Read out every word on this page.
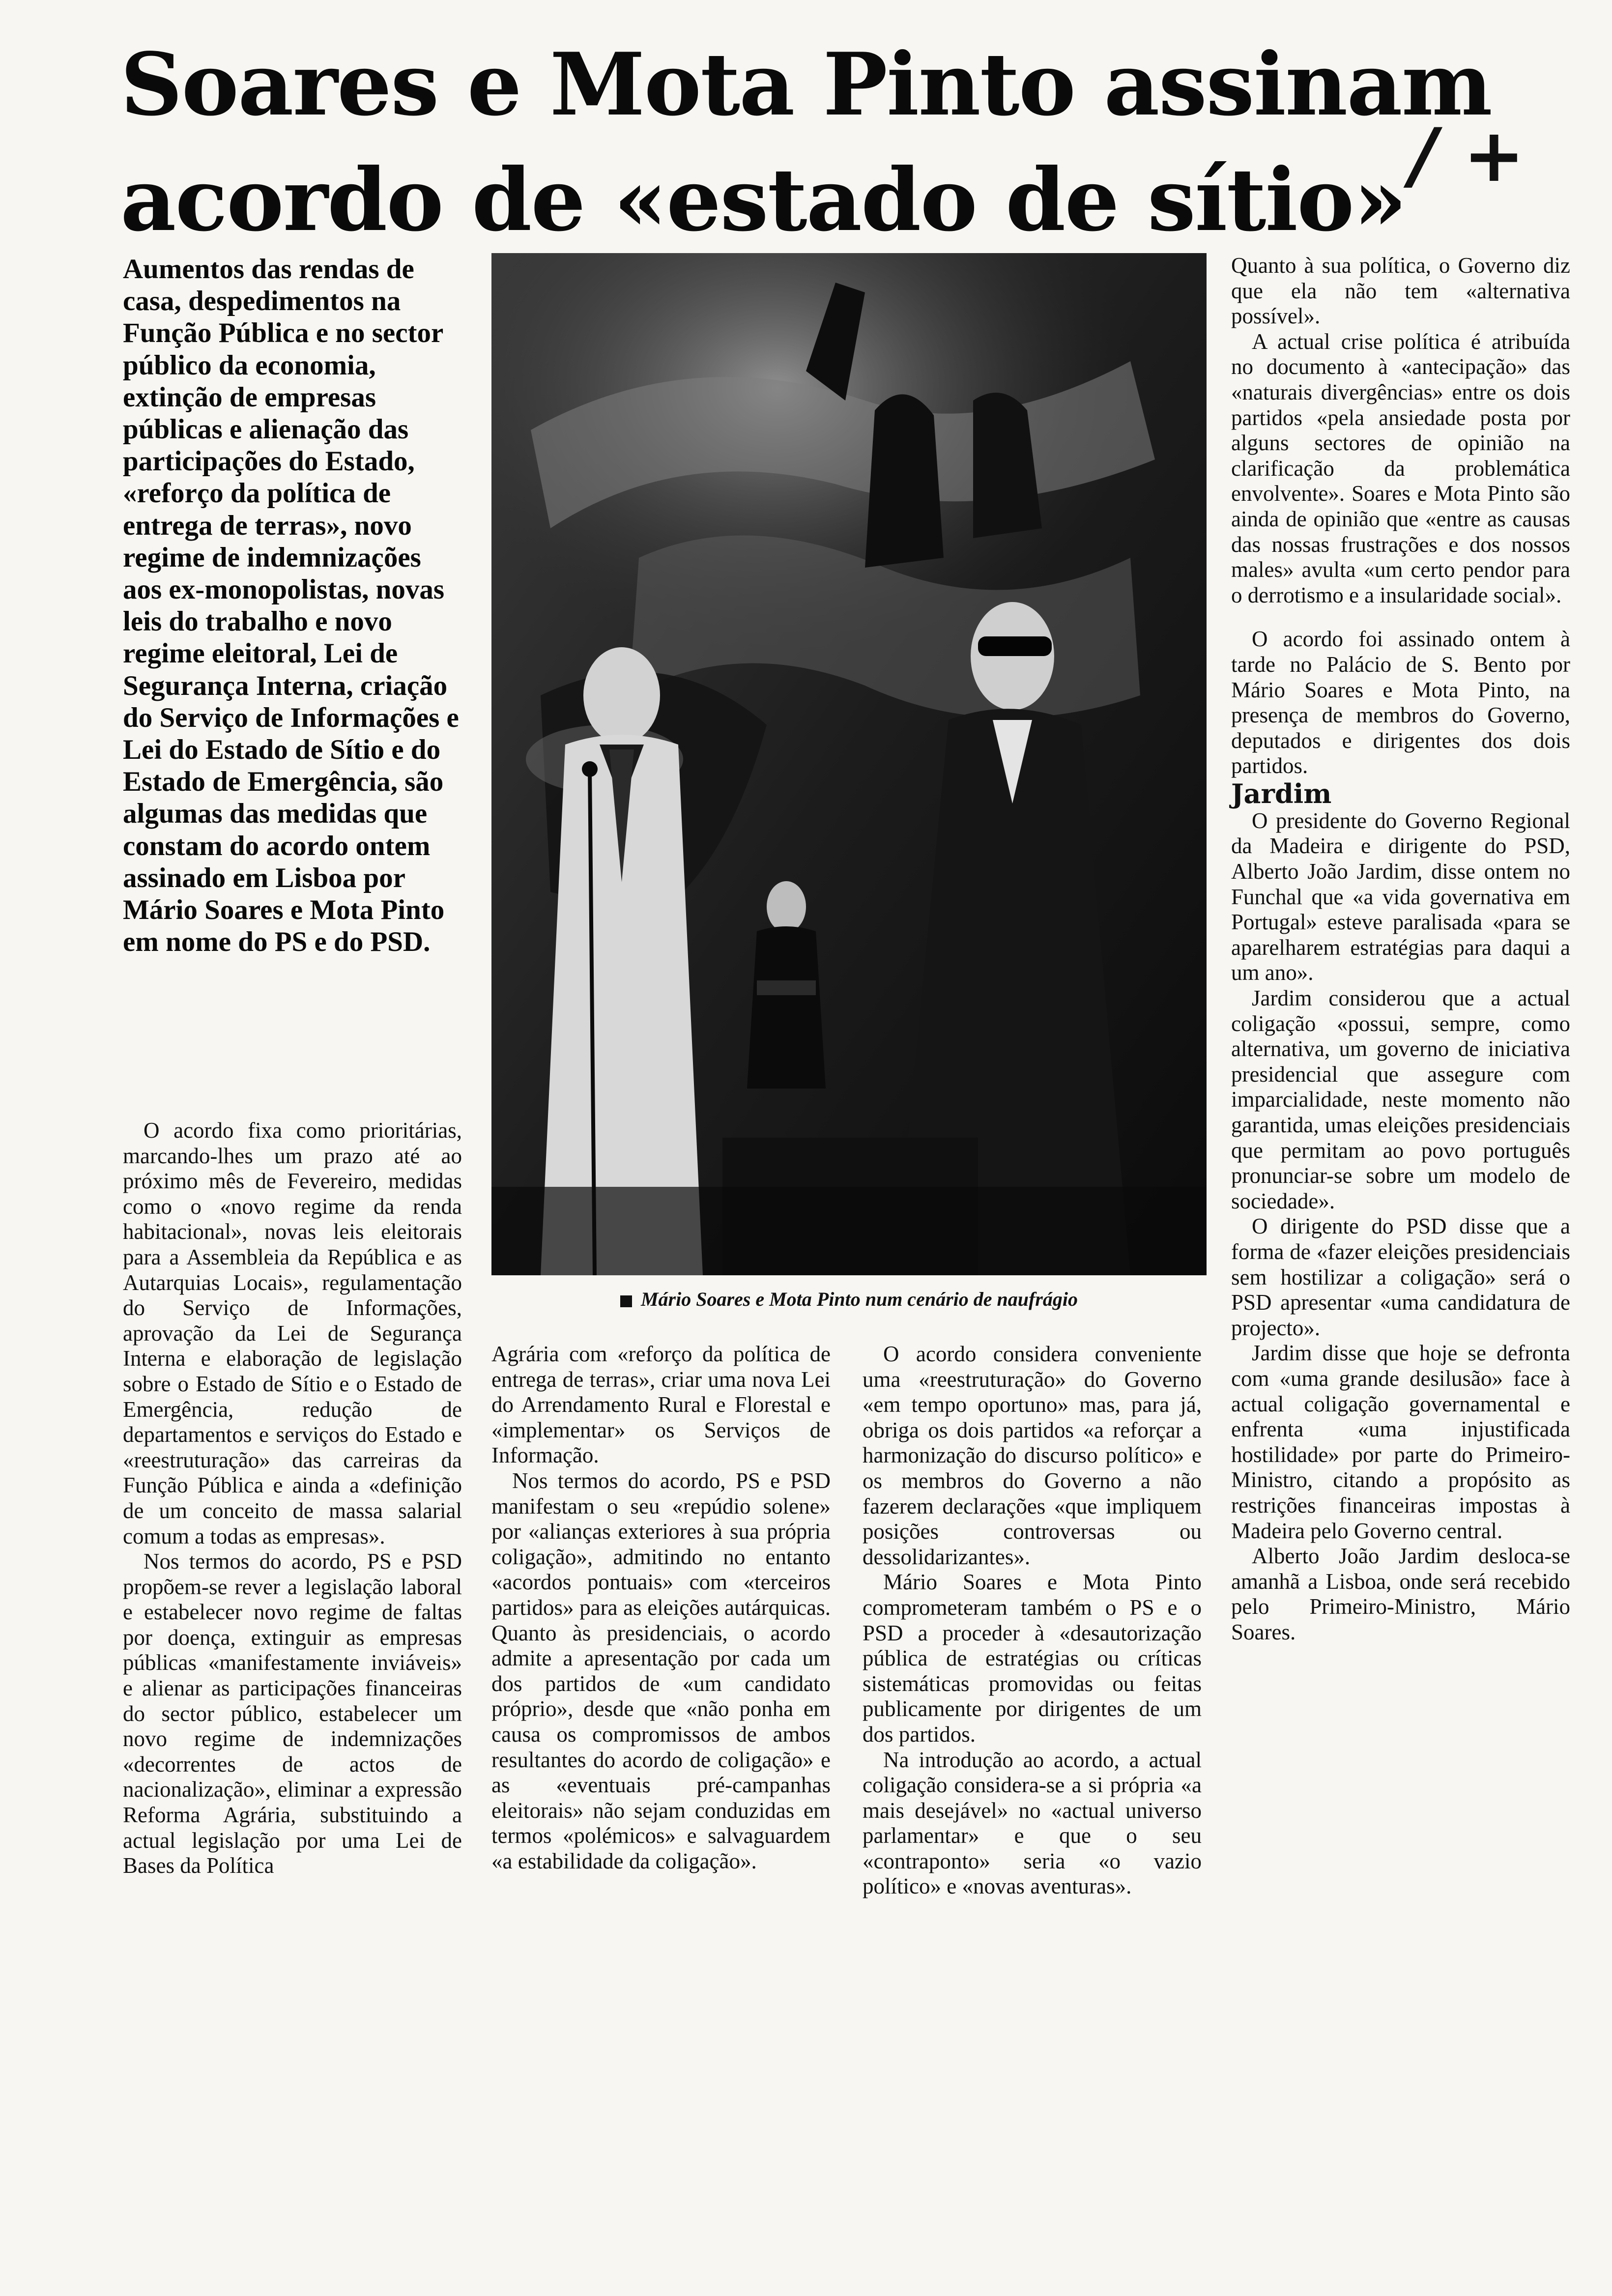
Soares e Mota Pinto assinam
acordo de «estado de sítio» / +

Aumentos das rendas de casa, despedimentos na Função Pública e no sector público da economia, extinção de empresas públicas e alienação das participações do Estado, «reforço da política de entrega de terras», novo regime de indemnizações aos ex-monopolistas, novas leis do trabalho e novo regime eleitoral, Lei de Segurança Interna, criação do Serviço de Informações e Lei do Estado de Sítio e do Estado de Emergência, são algumas das medidas que constam do acordo ontem assinado em Lisboa por Mário Soares e Mota Pinto em nome do PS e do PSD.

Mário Soares e Mota Pinto num cenário de naufrágio

O acordo fixa como prioritárias, marcando-lhes um prazo até ao próximo mês de Fevereiro, medidas como o «novo regime da renda habitacional», novas leis eleitorais para a Assembleia da República e as Autarquias Locais», regulamentação do Serviço de Informações, aprovação da Lei de Segurança Interna e elaboração de legislação sobre o Estado de Sítio e o Estado de Emergência, redução de departamentos e serviços do Estado e «reestruturação» das carreiras da Função Pública e ainda a «definição de um conceito de massa salarial comum a todas as empresas».

Nos termos do acordo, PS e PSD propõem-se rever a legislação laboral e estabelecer novo regime de faltas por doença, extinguir as empresas públicas «manifestamente inviáveis» e alienar as participações financeiras do sector público, estabelecer um novo regime de indemnizações «decorrentes de actos de nacionalização», eliminar a expressão Reforma Agrária, substituindo a actual legislação por uma Lei de Bases da Política

Agrária com «reforço da política de entrega de terras», criar uma nova Lei do Arrendamento Rural e Florestal e «implementar» os Serviços de Informação.

Nos termos do acordo, PS e PSD manifestam o seu «repúdio solene» por «alianças exteriores à sua própria coligação», admitindo no entanto «acordos pontuais» com «terceiros partidos» para as eleições autárquicas. Quanto às presidenciais, o acordo admite a apresentação por cada um dos partidos de «um candidato próprio», desde que «não ponha em causa os compromissos de ambos resultantes do acordo de coligação» e as «eventuais pré-campanhas eleitorais» não sejam conduzidas em termos «polémicos» e salvaguardem «a estabilidade da coligação».

O acordo considera conveniente uma «reestruturação» do Governo «em tempo oportuno» mas, para já, obriga os dois partidos «a reforçar a harmonização do discurso político» e os membros do Governo a não fazerem declarações «que impliquem posições controversas ou dessolidarizantes».

Mário Soares e Mota Pinto comprometeram também o PS e o PSD a proceder à «desautorização pública de estratégias ou críticas sistemáticas promovidas ou feitas publicamente por dirigentes de um dos partidos.

Na introdução ao acordo, a actual coligação considera-se a si própria «a mais desejável» no «actual universo parlamentar» e que o seu «contraponto» seria «o vazio político» e «novas aventuras».

Quanto à sua política, o Governo diz que ela não tem «alternativa possível».

A actual crise política é atribuída no documento à «antecipação» das «naturais divergências» entre os dois partidos «pela ansiedade posta por alguns sectores de opinião na clarificação da problemática envolvente». Soares e Mota Pinto são ainda de opinião que «entre as causas das nossas frustrações e dos nossos males» avulta «um certo pendor para o derrotismo e a insularidade social».

O acordo foi assinado ontem à tarde no Palácio de S. Bento por Mário Soares e Mota Pinto, na presença de membros do Governo, deputados e dirigentes dos dois partidos.

Jardim

O presidente do Governo Regional da Madeira e dirigente do PSD, Alberto João Jardim, disse ontem no Funchal que «a vida governativa em Portugal» esteve paralisada «para se aparelharem estratégias para daqui a um ano».

Jardim considerou que a actual coligação «possui, sempre, como alternativa, um governo de iniciativa presidencial que assegure com imparcialidade, neste momento não garantida, umas eleições presidenciais que permitam ao povo português pronunciar-se sobre um modelo de sociedade».

O dirigente do PSD disse que a forma de «fazer eleições presidenciais sem hostilizar a coligação» será o PSD apresentar «uma candidatura de projecto».

Jardim disse que hoje se defronta com «uma grande desilusão» face à actual coligação governamental e enfrenta «uma injustificada hostilidade» por parte do Primeiro-Ministro, citando a propósito as restrições financeiras impostas à Madeira pelo Governo central.

Alberto João Jardim desloca-se amanhã a Lisboa, onde será recebido pelo Primeiro-Ministro, Mário Soares.
